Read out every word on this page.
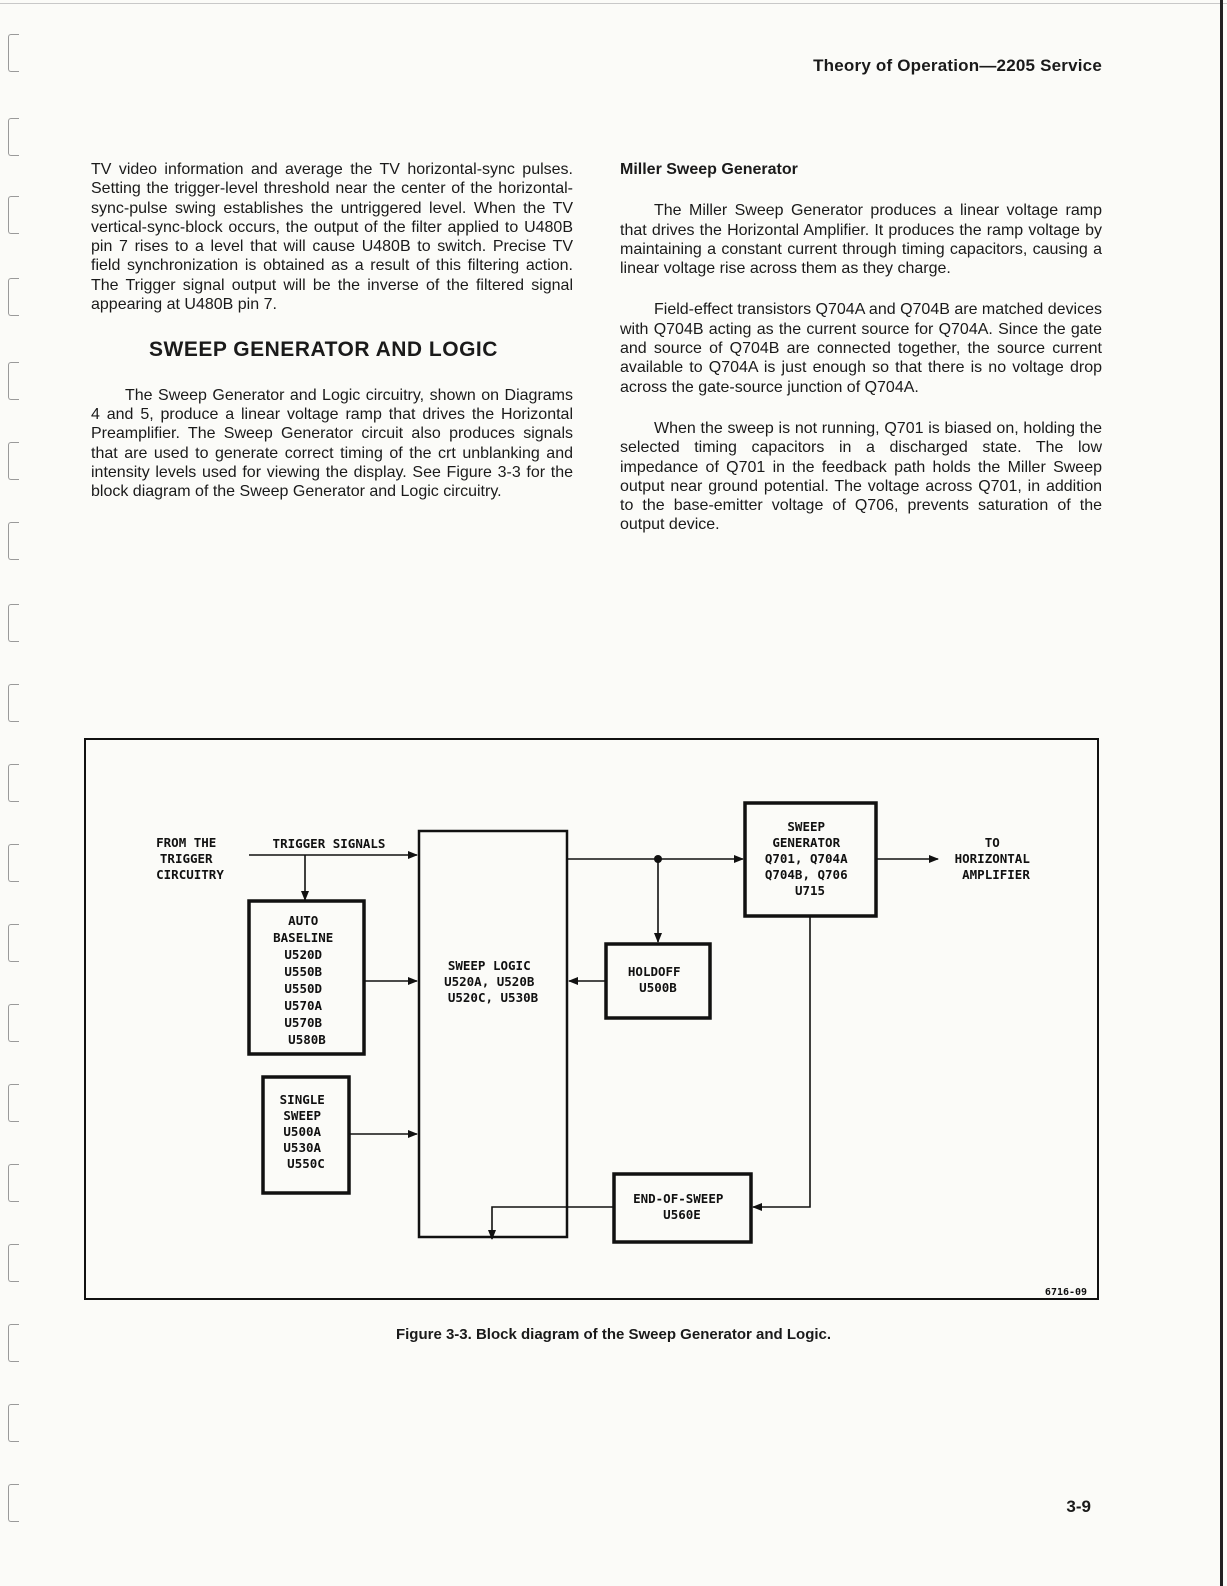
Theory of Operation—2205 Service

TV video information and average the TV horizontal-sync pulses. Setting the trigger-level threshold near the center of the horizontal-sync-pulse swing establishes the untriggered level. When the TV vertical-sync-block occurs, the output of the filter applied to U480B pin 7 rises to a level that will cause U480B to switch. Precise TV field synchronization is obtained as a result of this filtering action. The Trigger signal output will be the inverse of the filtered signal appearing at U480B pin 7.

SWEEP GENERATOR AND LOGIC

The Sweep Generator and Logic circuitry, shown on Diagrams 4 and 5, produce a linear voltage ramp that drives the Horizontal Preamplifier. The Sweep Generator circuit also produces signals that are used to generate correct timing of the crt unblanking and intensity levels used for viewing the display. See Figure 3-3 for the block diagram of the Sweep Generator and Logic circuitry.

Miller Sweep Generator

The Miller Sweep Generator produces a linear voltage ramp that drives the Horizontal Amplifier. It produces the ramp voltage by maintaining a constant current through timing capacitors, causing a linear voltage rise across them as they charge.

Field-effect transistors Q704A and Q704B are matched devices with Q704B acting as the current source for Q704A. Since the gate and source of Q704B are connected together, the source current available to Q704A is just enough so that there is no voltage drop across the gate-source junction of Q704A.

When the sweep is not running, Q701 is biased on, holding the selected timing capacitors in a discharged state. The low impedance of Q701 in the feedback path holds the Miller Sweep output near ground potential. The voltage across Q701, in addition to the base-emitter voltage of Q706, prevents saturation of the output device.

FROM THE TRIGGER CIRCUITRY
TRIGGER SIGNALS
AUTO BASELINE U520D U550B U550D U570A U570B U580B
SINGLE SWEEP U500A U530A U550C
SWEEP LOGIC U520A, U520B U520C, U530B
SWEEP GENERATOR Q701, Q704A Q704B, Q706 U715
HOLDOFF U500B
END-OF-SWEEP U560E
TO HORIZONTAL AMPLIFIER
6716-09
Figure 3-3. Block diagram of the Sweep Generator and Logic.
3-9
